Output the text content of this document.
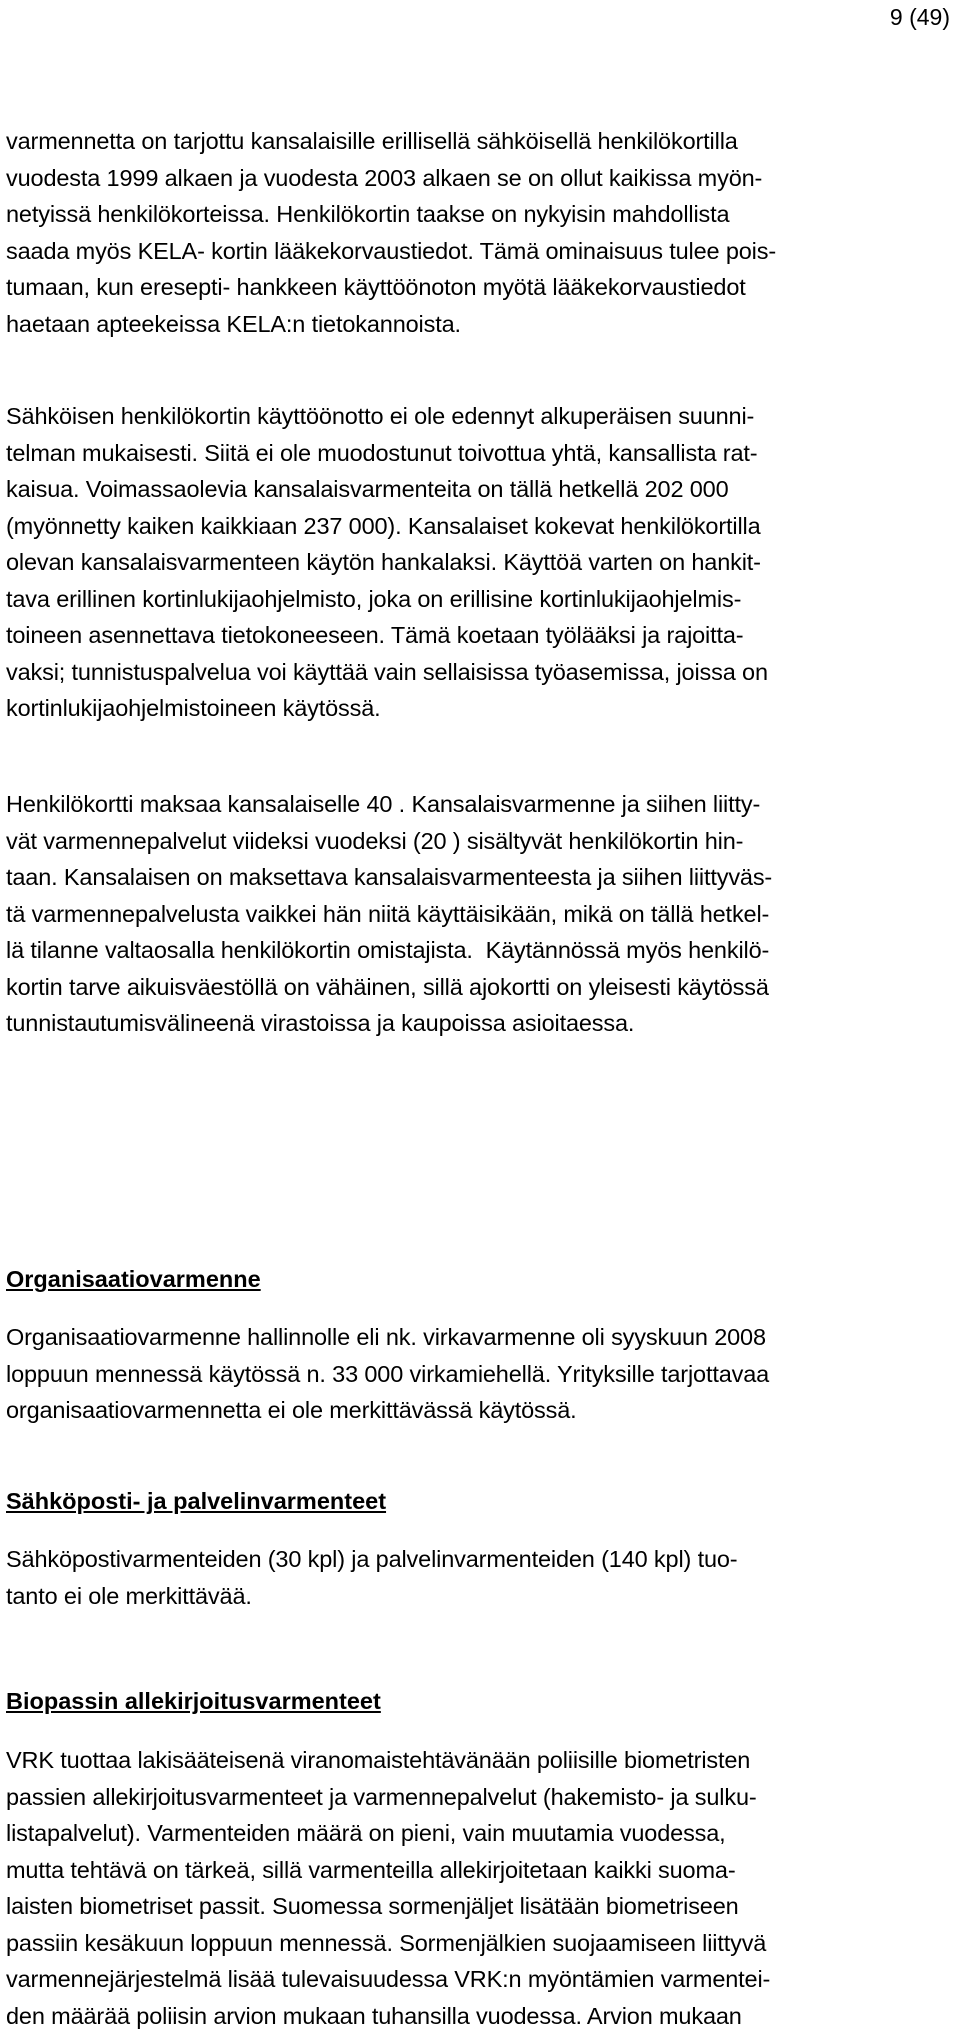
9 (49)
varmennetta on tarjottu kansalaisille erillisellä sähköisellä henkilökortilla
vuodesta 1999 alkaen ja vuodesta 2003 alkaen se on ollut kaikissa myön-
netyissä henkilökorteissa. Henkilökortin taakse on nykyisin mahdollista
saada myös KELA- kortin lääkekorvaustiedot. Tämä ominaisuus tulee pois-
tumaan, kun eresepti- hankkeen käyttöönoton myötä lääkekorvaustiedot
haetaan apteekeissa KELA:n tietokannoista.
Sähköisen henkilökortin käyttöönotto ei ole edennyt alkuperäisen suunni-
telman mukaisesti. Siitä ei ole muodostunut toivottua yhtä, kansallista rat-
kaisua. Voimassaolevia kansalaisvarmenteita on tällä hetkellä 202 000
(myönnetty kaiken kaikkiaan 237 000). Kansalaiset kokevat henkilökortilla
olevan kansalaisvarmenteen käytön hankalaksi. Käyttöä varten on hankit-
tava erillinen kortinlukijaohjelmisto, joka on erillisine kortinlukijaohjelmis-
toineen asennettava tietokoneeseen. Tämä koetaan työlääksi ja rajoitta-
vaksi; tunnistuspalvelua voi käyttää vain sellaisissa työasemissa, joissa on
kortinlukijaohjelmistoineen käytössä.
Henkilökortti maksaa kansalaiselle 40 . Kansalaisvarmenne ja siihen liitty-
vät varmennepalvelut viideksi vuodeksi (20 ) sisältyvät henkilökortin hin-
taan. Kansalaisen on maksettava kansalaisvarmenteesta ja siihen liittyväs-
tä varmennepalvelusta vaikkei hän niitä käyttäisikään, mikä on tällä hetkel-
lä tilanne valtaosalla henkilökortin omistajista.  Käytännössä myös henkilö-
kortin tarve aikuisväestöllä on vähäinen, sillä ajokortti on yleisesti käytössä
tunnistautumisvälineenä virastoissa ja kaupoissa asioitaessa.
Organisaatiovarmenne
Organisaatiovarmenne hallinnolle eli nk. virkavarmenne oli syyskuun 2008
loppuun mennessä käytössä n. 33 000 virkamiehellä. Yrityksille tarjottavaa
organisaatiovarmennetta ei ole merkittävässä käytössä.
Sähköposti- ja palvelinvarmenteet
Sähköpostivarmenteiden (30 kpl) ja palvelinvarmenteiden (140 kpl) tuo-
tanto ei ole merkittävää.
Biopassin allekirjoitusvarmenteet
VRK tuottaa lakisääteisenä viranomaistehtävänään poliisille biometristen
passien allekirjoitusvarmenteet ja varmennepalvelut (hakemisto- ja sulku-
listapalvelut). Varmenteiden määrä on pieni, vain muutamia vuodessa,
mutta tehtävä on tärkeä, sillä varmenteilla allekirjoitetaan kaikki suoma-
laisten biometriset passit. Suomessa sormenjäljet lisätään biometriseen
passiin kesäkuun loppuun mennessä. Sormenjälkien suojaamiseen liittyvä
varmennejärjestelmä lisää tulevaisuudessa VRK:n myöntämien varmentei-
den määrää poliisin arvion mukaan tuhansilla vuodessa. Arvion mukaan
